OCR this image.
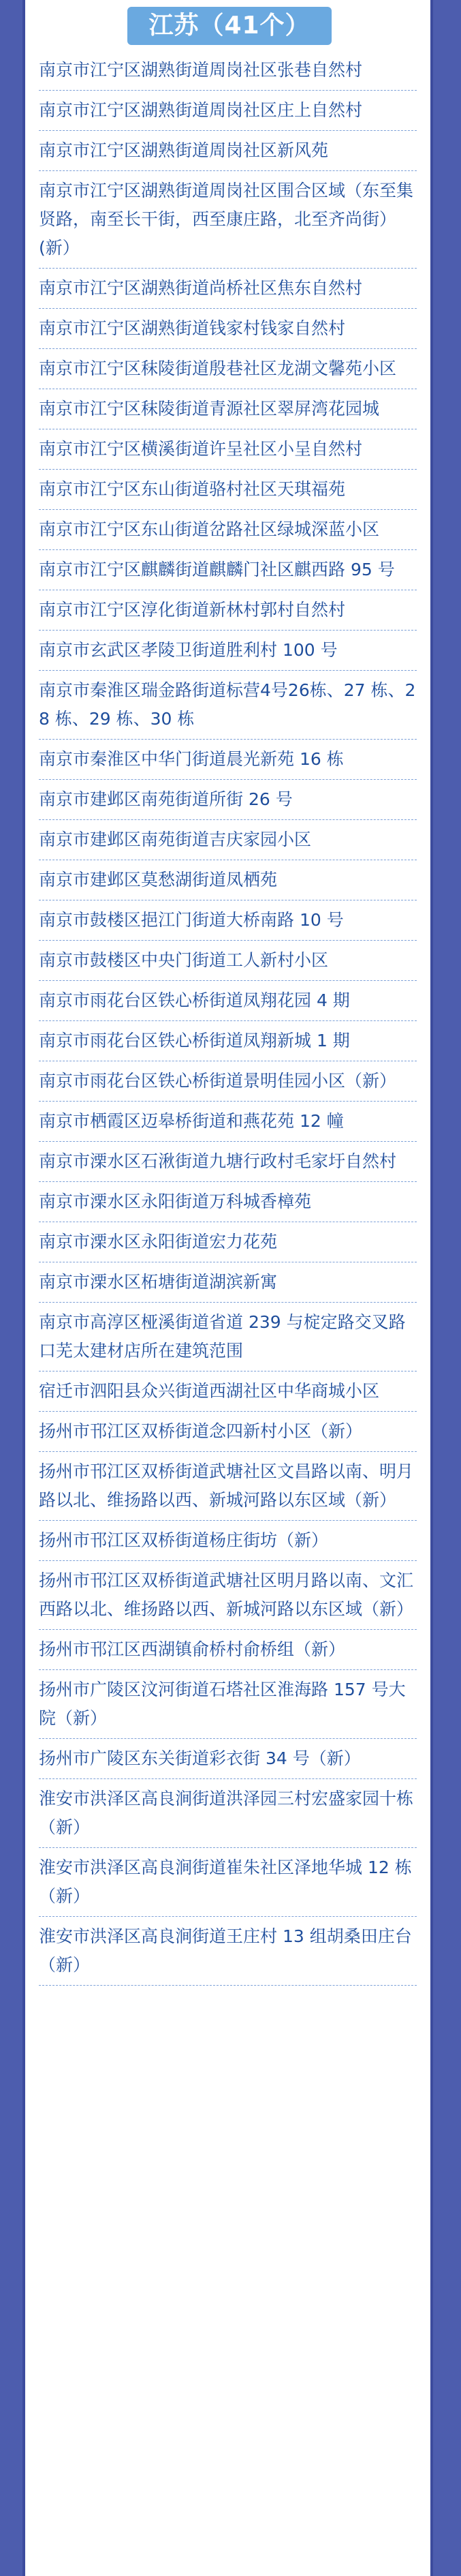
江苏（41个）
南京市江宁区湖熟街道周岗社区张巷自然村
南京市江宁区湖熟街道周岗社区庄上自然村
南京市江宁区湖熟街道周岗社区新风苑
南京市江宁区湖熟街道周岗社区围合区域（东至集贤路，南至长干街，西至康庄路，北至齐尚街）(新）
南京市江宁区湖熟街道尚桥社区焦东自然村
南京市江宁区湖熟街道钱家村钱家自然村
南京市江宁区秣陵街道殷巷社区龙湖文馨苑小区
南京市江宁区秣陵街道青源社区翠屏湾花园城
南京市江宁区横溪街道许呈社区小呈自然村
南京市江宁区东山街道骆村社区天琪福苑
南京市江宁区东山街道岔路社区绿城深蓝小区
南京市江宁区麒麟街道麒麟门社区麒西路 95 号
南京市江宁区淳化街道新林村郭村自然村
南京市玄武区孝陵卫街道胜利村 100 号
南京市秦淮区瑞金路街道标营4号26栋、27 栋、28 栋、29 栋、30 栋
南京市秦淮区中华门街道晨光新苑 16 栋
南京市建邺区南苑街道所街 26 号
南京市建邺区南苑街道吉庆家园小区
南京市建邺区莫愁湖街道凤栖苑
南京市鼓楼区挹江门街道大桥南路 10 号
南京市鼓楼区中央门街道工人新村小区
南京市雨花台区铁心桥街道凤翔花园 4 期
南京市雨花台区铁心桥街道凤翔新城 1 期
南京市雨花台区铁心桥街道景明佳园小区（新）
南京市栖霞区迈皋桥街道和燕花苑 12 幢
南京市溧水区石湫街道九塘行政村毛家圩自然村
南京市溧水区永阳街道万科城香樟苑
南京市溧水区永阳街道宏力花苑
南京市溧水区柘塘街道湖滨新寓
南京市高淳区桠溪街道省道 239 与椗定路交叉路口芜太建材店所在建筑范围
宿迁市泗阳县众兴街道西湖社区中华商城小区
扬州市邗江区双桥街道念四新村小区（新）
扬州市邗江区双桥街道武塘社区文昌路以南、明月路以北、维扬路以西、新城河路以东区域（新）
扬州市邗江区双桥街道杨庄街坊（新）
扬州市邗江区双桥街道武塘社区明月路以南、文汇西路以北、维扬路以西、新城河路以东区域（新）
扬州市邗江区西湖镇俞桥村俞桥组（新）
扬州市广陵区汶河街道石塔社区淮海路 157 号大院（新）
扬州市广陵区东关街道彩衣街 34 号（新）
淮安市洪泽区高良涧街道洪泽园三村宏盛家园十栋（新）
淮安市洪泽区高良涧街道崔朱社区泽地华城 12 栋（新）
淮安市洪泽区高良涧街道王庄村 13 组胡桑田庄台（新）
